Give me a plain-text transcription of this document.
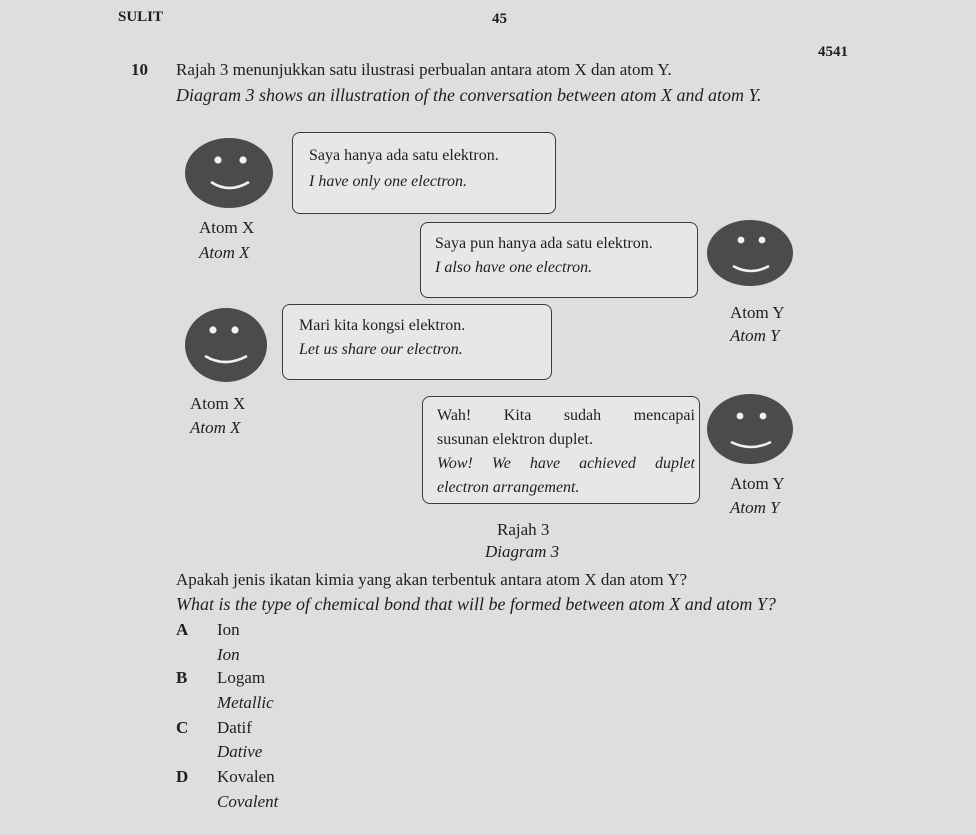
SULIT	45
4541
10 Rajah 3 menunjukkan satu ilustrasi perbualan antara atom X dan atom Y.
Diagram 3 shows an illustration of the conversation between atom X and atom Y.
Saya hanya ada satu elektron.
I have only one electron.
Atom X
Atom X	Saya pun hanya ada satu elektron.
I also have one electron.
Atom Y
Atom Y
Mari kita kongsi elektron.
Let us share our electron.
Atom X
Atom X
Wah! Kita sudah mencapai
susunan elektron duplet.
Wow! We have achieved duplet
electron arrangement.	Atom Y
Atom Y
Rajah 3
Diagram 3
Apakah jenis ikatan kimia yang akan terbentuk antara atom X dan atom Y?
What is the type of chemical bond that will be formed between atom X and atom Y?
A Ion
Ion
B Logam
Metallic
C Datif
Dative
D Kovalen
Covalent
